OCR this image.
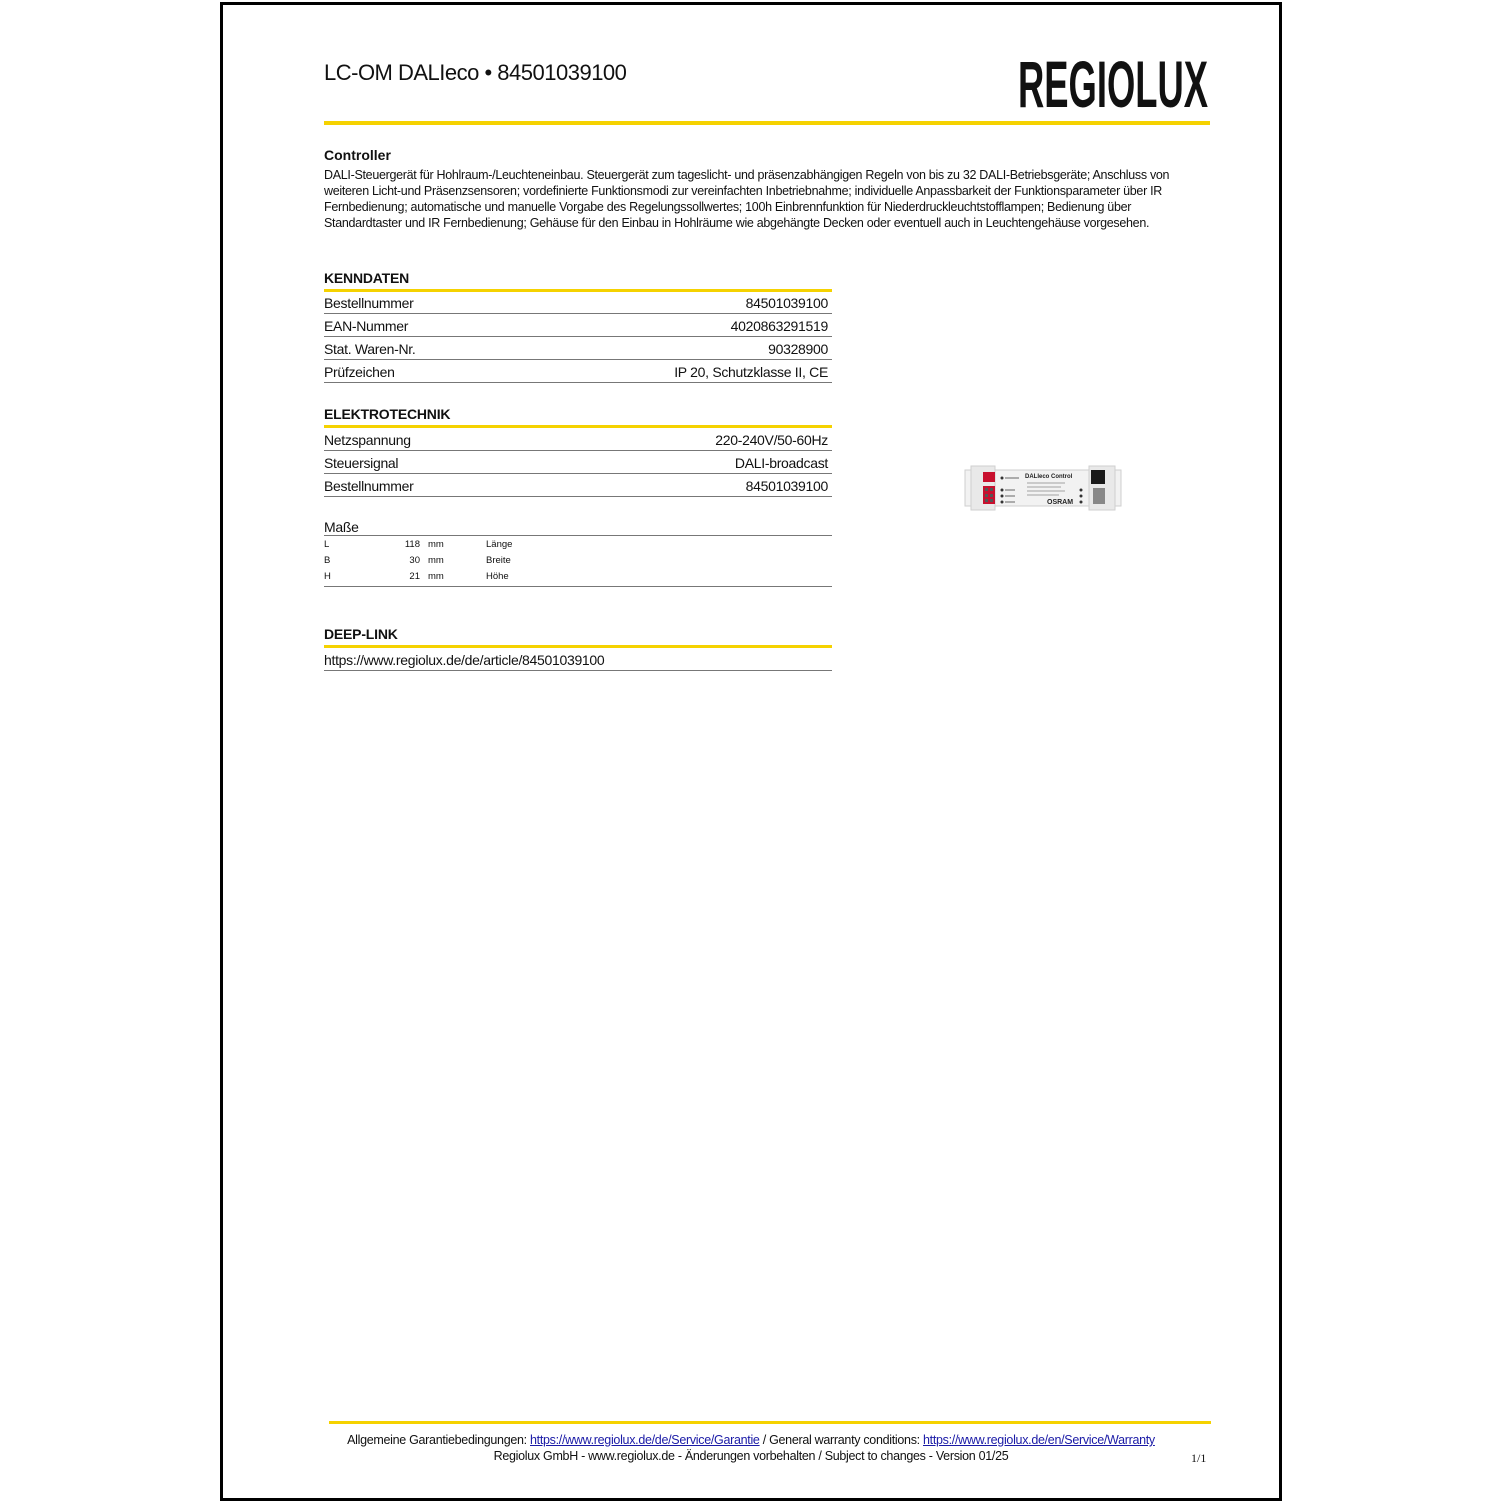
LC-OM DALIeco • 84501039100	REGIOLUX
Controller
DALI-Steuergerät für Hohlraum-/Leuchteneinbau. Steuergerät zum tageslicht- und präsenzabhängigen Regeln von bis zu 32 DALI-Betriebsgeräte; Anschluss von weiteren Licht-und Präsenzsensoren; vordefinierte Funktionsmodi zur vereinfachten Inbetriebnahme; individuelle Anpassbarkeit der Funktionsparameter über IR Fernbedienung; automatische und manuelle Vorgabe des Regelungssollwertes; 100h Einbrennfunktion für Niederdruckleuchtstofflampen; Bedienung über Standardtaster und IR Fernbedienung; Gehäuse für den Einbau in Hohlräume wie abgehängte Decken oder eventuell auch in Leuchtengehäuse vorgesehen.
KENNDATEN
Bestellnummer	84501039100
EAN-Nummer	4020863291519
Stat. Waren-Nr.	90328900
Prüfzeichen	IP 20, Schutzklasse II, CE
ELEKTROTECHNIK
Netzspannung	220-240V/50-60Hz
Steuersignal	DALI-broadcast
Bestellnummer	84501039100
Maße
L	118 mm	Länge
B	30 mm	Breite
H	21 mm	Höhe
DEEP-LINK
https://www.regiolux.de/de/article/84501039100
DALIeco Control
OSRAM
Allgemeine Garantiebedingungen: https://www.regiolux.de/de/Service/Garantie / General warranty conditions: https://www.regiolux.de/en/Service/Warranty
Regiolux GmbH - www.regiolux.de - Änderungen vorbehalten / Subject to changes - Version 01/25	1/1
